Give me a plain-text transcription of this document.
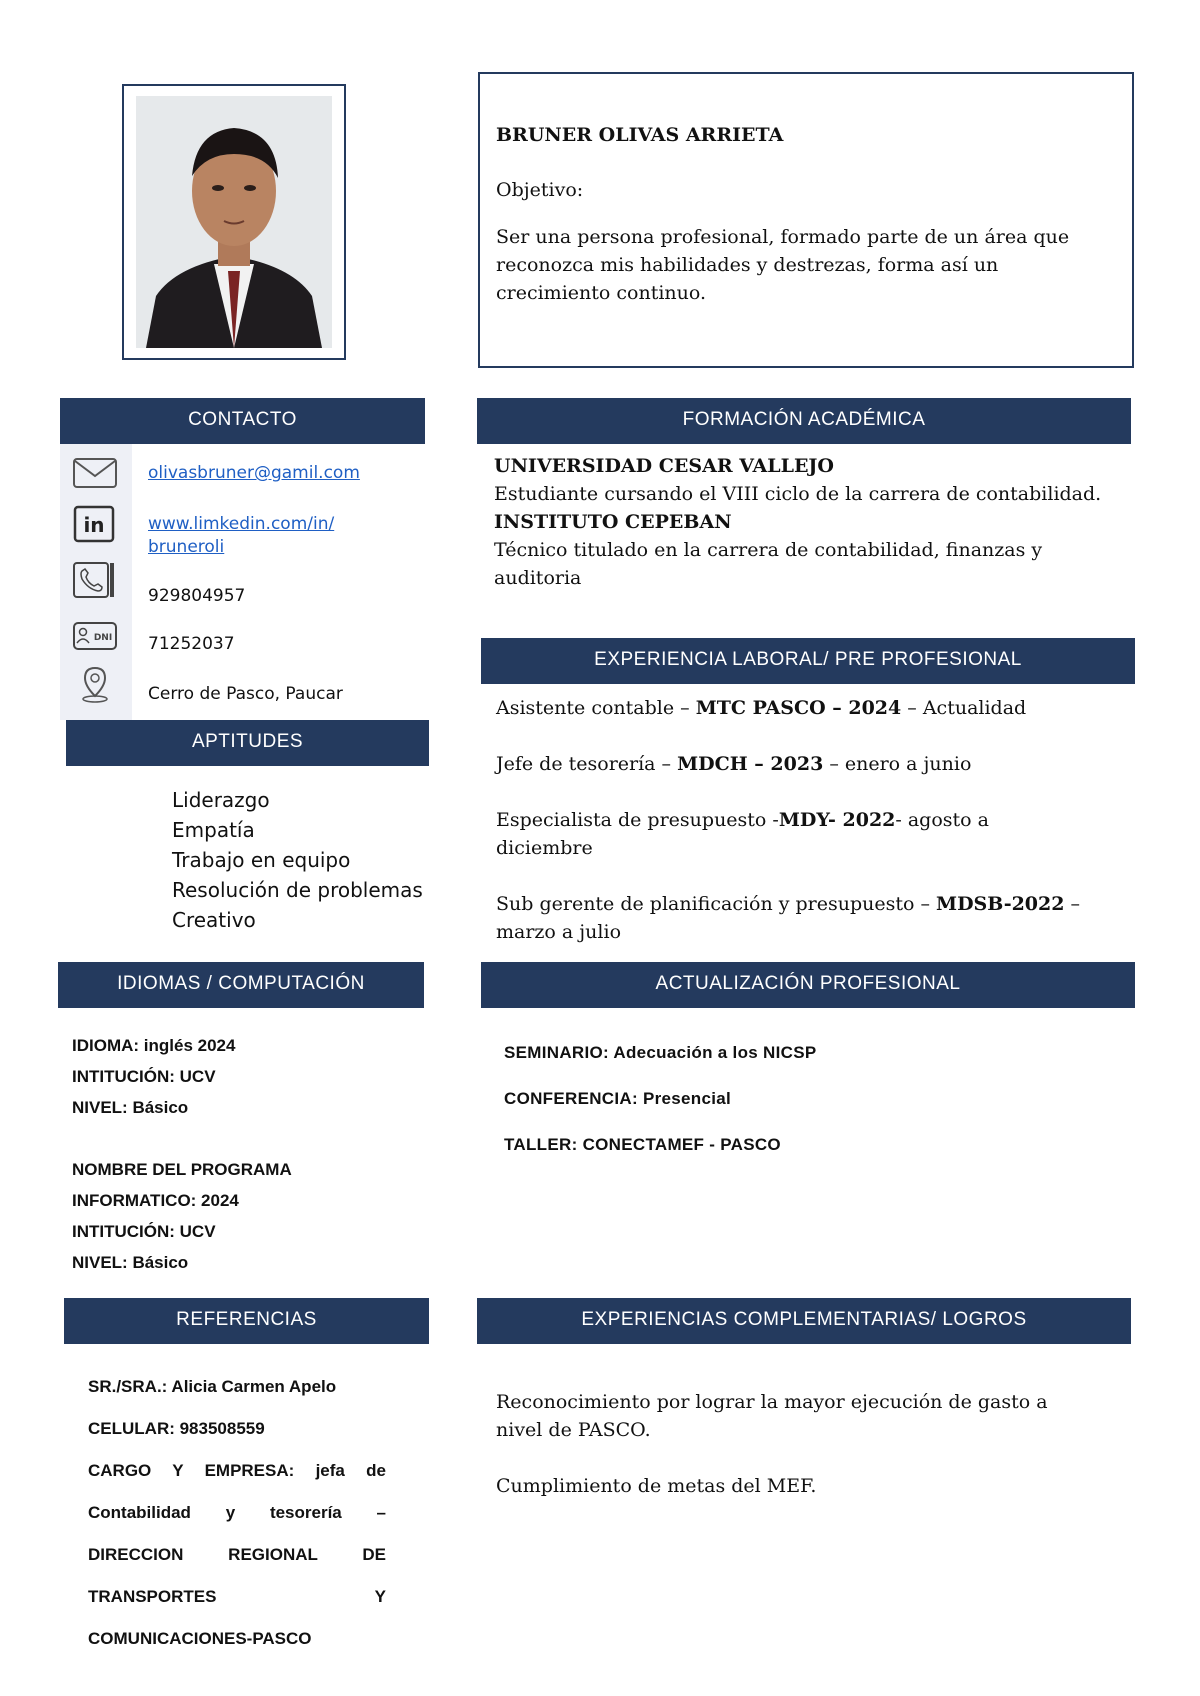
BRUNER OLIVAS ARRIETA
Objetivo:
Ser una persona profesional, formado parte de un área que reconozca mis habilidades y destrezas, forma así un crecimiento continuo.
CONTACTO
olivasbruner@gamil.com
in	www.limkedin.com/in/
bruneroli
929804957
DNI 71252037
Cerro de Pasco, Paucar
APTITUDES
Liderazgo
Empatía
Trabajo en equipo
Resolución de problemas
Creativo
IDIOMAS / COMPUTACIÓN
IDIOMA: inglés 2024
INTITUCIÓN: UCV
NIVEL: Básico
NOMBRE DEL PROGRAMA
INFORMATICO: 2024
INTITUCIÓN: UCV
NIVEL: Básico
REFERENCIAS
SR./SRA.: Alicia Carmen Apelo
CELULAR: 983508559
CARGO Y EMPRESA: jefa de Contabilidad y tesorería – DIRECCION REGIONAL DE TRANSPORTES Y COMUNICACIONES-PASCO
FORMACIÓN ACADÉMICA
UNIVERSIDAD CESAR VALLEJO
Estudiante cursando el VIII ciclo de la carrera de contabilidad.
INSTITUTO CEPEBAN
Técnico titulado en la carrera de contabilidad, finanzas y auditoria
EXPERIENCIA LABORAL/ PRE PROFESIONAL
Asistente contable – MTC PASCO – 2024 – Actualidad
Jefe de tesorería – MDCH – 2023 – enero a junio
Especialista de presupuesto -MDY- 2022- agosto a diciembre
Sub gerente de planificación y presupuesto – MDSB-2022 – marzo a julio
ACTUALIZACIÓN PROFESIONAL
SEMINARIO: Adecuación a los NICSP
CONFERENCIA: Presencial
TALLER: CONECTAMEF - PASCO
EXPERIENCIAS COMPLEMENTARIAS/ LOGROS
Reconocimiento por lograr la mayor ejecución de gasto a nivel de PASCO.
Cumplimiento de metas del MEF.
